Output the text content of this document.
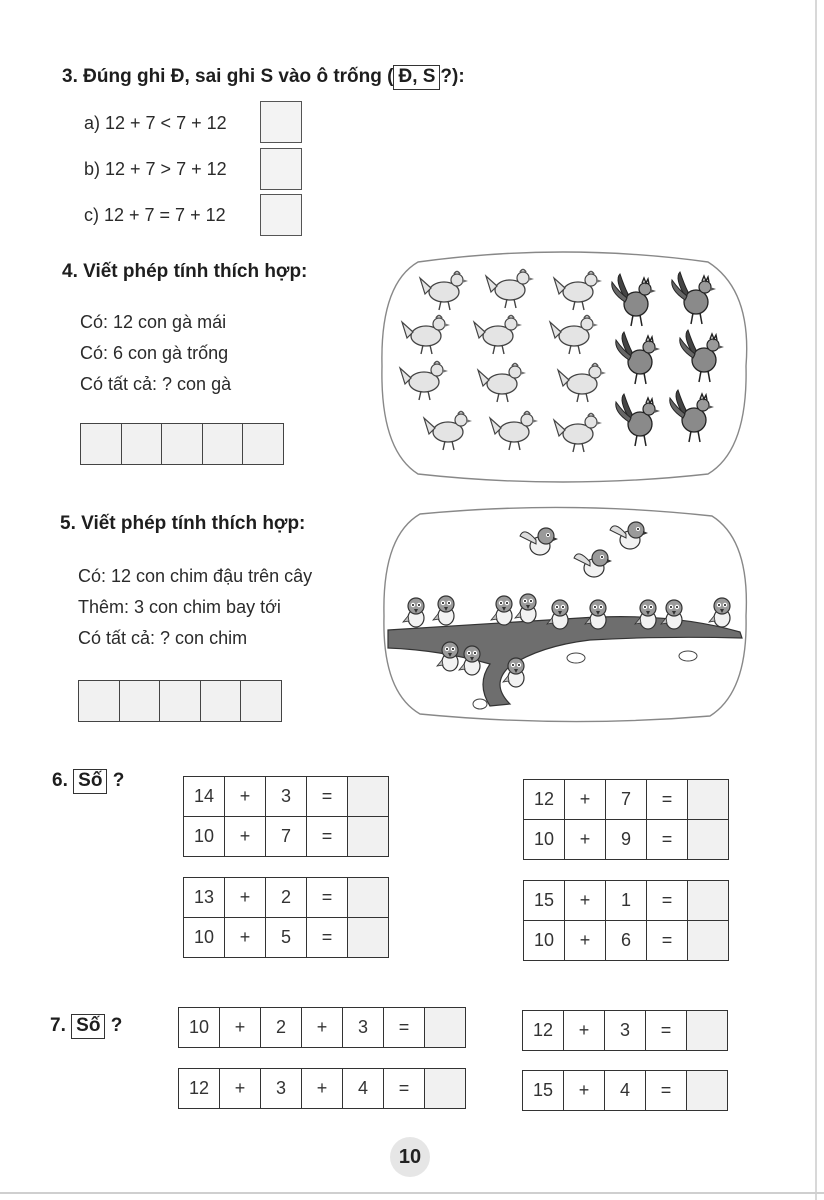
3. Đúng ghi Đ, sai ghi S vào ô trống ( Đ, S ?):
a) 12 + 7 < 7 + 12
b) 12 + 7 > 7 + 12
c) 12 + 7 = 7 + 12
4. Viết phép tính thích hợp:
Có: 12 con gà mái
Có: 6 con gà trống
Có tất cả: ? con gà
5. Viết phép tính thích hợp:
Có: 12 con chim đậu trên cây
Thêm: 3 con chim bay tới
Có tất cả: ? con chim
6. Số ?
14	+	3	=	
10	+	7	=	
13	+	2	=	
10	+	5	=	
12	+	7	=	
10	+	9	=	
15	+	1	=	
10	+	6	=	
7. Số ?	10	+	2	+	3	=	
12	+	3	+	4	=	
12	+	3	=	
15	+	4	=	
10
